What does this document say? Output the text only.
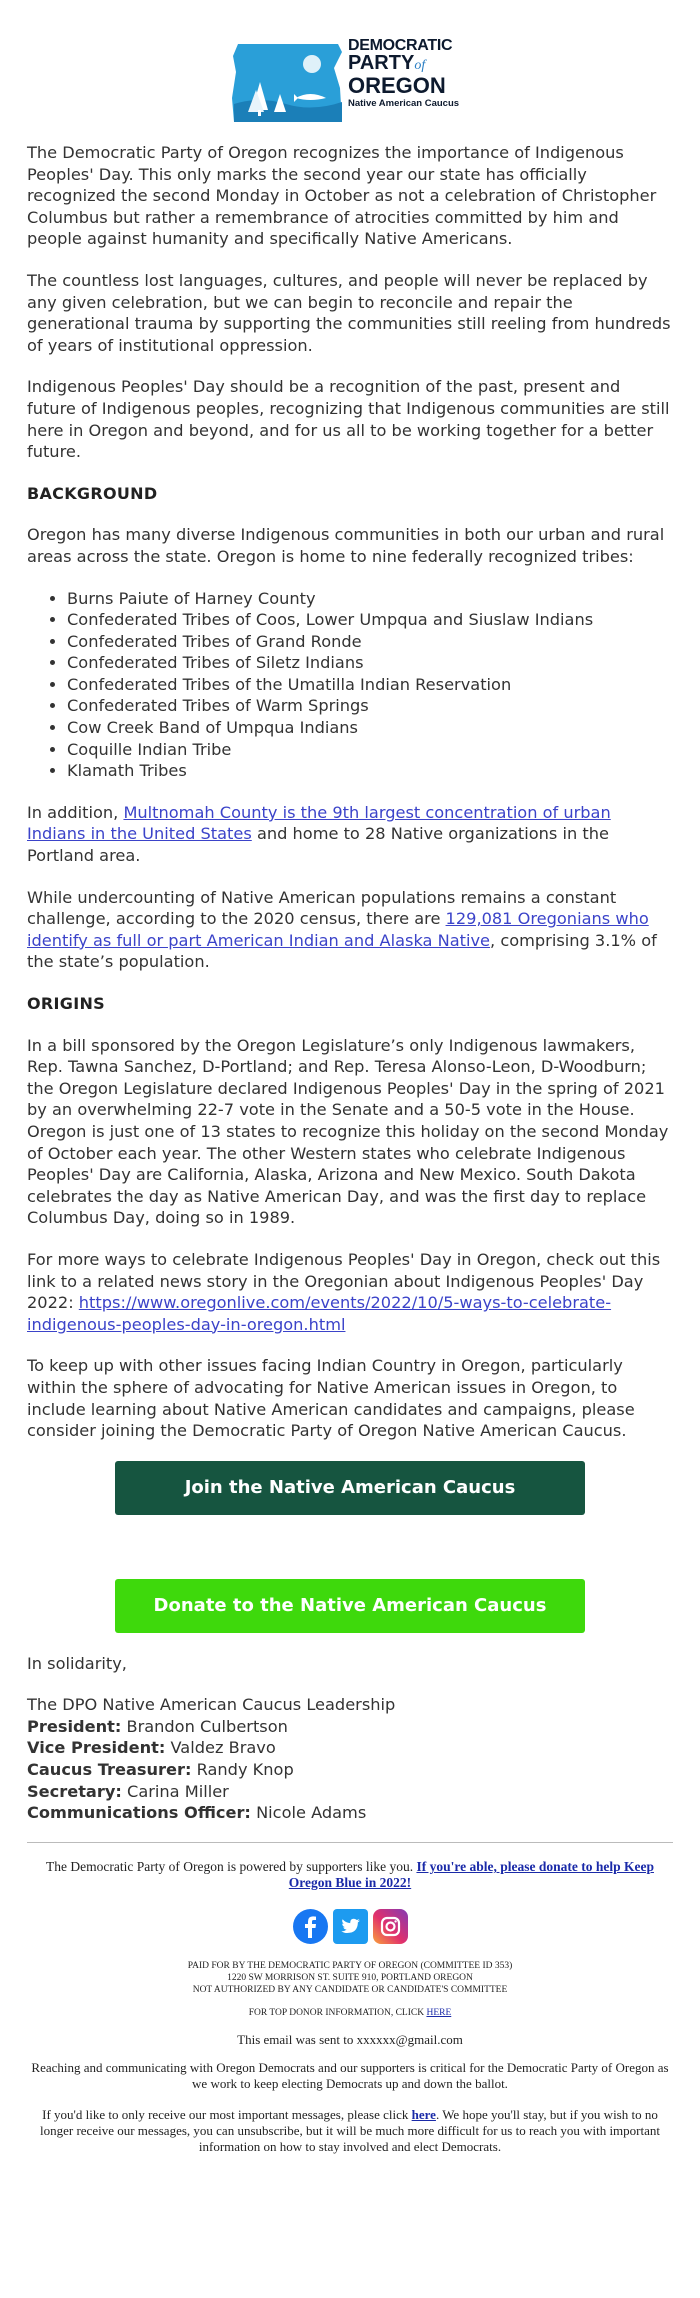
DEMOCRATIC
PARTYof
OREGON
Native American Caucus

The Democratic Party of Oregon recognizes the importance of Indigenous Peoples' Day. This only marks the second year our state has officially recognized the second Monday in October as not a celebration of Christopher Columbus but rather a remembrance of atrocities committed by him and people against humanity and specifically Native Americans.

The countless lost languages, cultures, and people will never be replaced by any given celebration, but we can begin to reconcile and repair the generational trauma by supporting the communities still reeling from hundreds of years of institutional oppression.

Indigenous Peoples' Day should be a recognition of the past, present and future of Indigenous peoples, recognizing that Indigenous communities are still here in Oregon and beyond, and for us all to be working together for a better future.

BACKGROUND

Oregon has many diverse Indigenous communities in both our urban and rural areas across the state. Oregon is home to nine federally recognized tribes:

• Burns Paiute of Harney County
• Confederated Tribes of Coos, Lower Umpqua and Siuslaw Indians
• Confederated Tribes of Grand Ronde
• Confederated Tribes of Siletz Indians
• Confederated Tribes of the Umatilla Indian Reservation
• Confederated Tribes of Warm Springs
• Cow Creek Band of Umpqua Indians
• Coquille Indian Tribe
• Klamath Tribes

In addition, Multnomah County is the 9th largest concentration of urban Indians in the United States and home to 28 Native organizations in the Portland area.

While undercounting of Native American populations remains a constant challenge, according to the 2020 census, there are 129,081 Oregonians who identify as full or part American Indian and Alaska Native, comprising 3.1% of the state’s population.

ORIGINS

In a bill sponsored by the Oregon Legislature’s only Indigenous lawmakers, Rep. Tawna Sanchez, D-Portland; and Rep. Teresa Alonso-Leon, D-Woodburn; the Oregon Legislature declared Indigenous Peoples' Day in the spring of 2021 by an overwhelming 22-7 vote in the Senate and a 50-5 vote in the House. Oregon is just one of 13 states to recognize this holiday on the second Monday of October each year. The other Western states who celebrate Indigenous Peoples' Day are California, Alaska, Arizona and New Mexico. South Dakota celebrates the day as Native American Day, and was the first day to replace Columbus Day, doing so in 1989.

For more ways to celebrate Indigenous Peoples' Day in Oregon, check out this link to a related news story in the Oregonian about Indigenous Peoples' Day 2022: https://www.oregonlive.com/events/2022/10/5-ways-to-celebrate-indigenous-peoples-day-in-oregon.html

To keep up with other issues facing Indian Country in Oregon, particularly within the sphere of advocating for Native American issues in Oregon, to include learning about Native American candidates and campaigns, please consider joining the Democratic Party of Oregon Native American Caucus.

Join the Native American Caucus
Donate to the Native American Caucus
In solidarity,
The DPO Native American Caucus Leadership
President: Brandon Culbertson
Vice President: Valdez Bravo
Caucus Treasurer: Randy Knop
Secretary: Carina Miller
Communications Officer: Nicole Adams
The Democratic Party of Oregon is powered by supporters like you. If you're able, please donate to help Keep Oregon Blue in 2022!
PAID FOR BY THE DEMOCRATIC PARTY OF OREGON (COMMITTEE ID 353)
1220 SW MORRISON ST. SUITE 910, PORTLAND OREGON
NOT AUTHORIZED BY ANY CANDIDATE OR CANDIDATE'S COMMITTEE
FOR TOP DONOR INFORMATION, CLICK HERE
This email was sent to xxxxxx@gmail.com
Reaching and communicating with Oregon Democrats and our supporters is critical for the Democratic Party of Oregon as we work to keep electing Democrats up and down the ballot.
If you'd like to only receive our most important messages, please click here. We hope you'll stay, but if you wish to no longer receive our messages, you can unsubscribe, but it will be much more difficult for us to reach you with important information on how to stay involved and elect Democrats.
